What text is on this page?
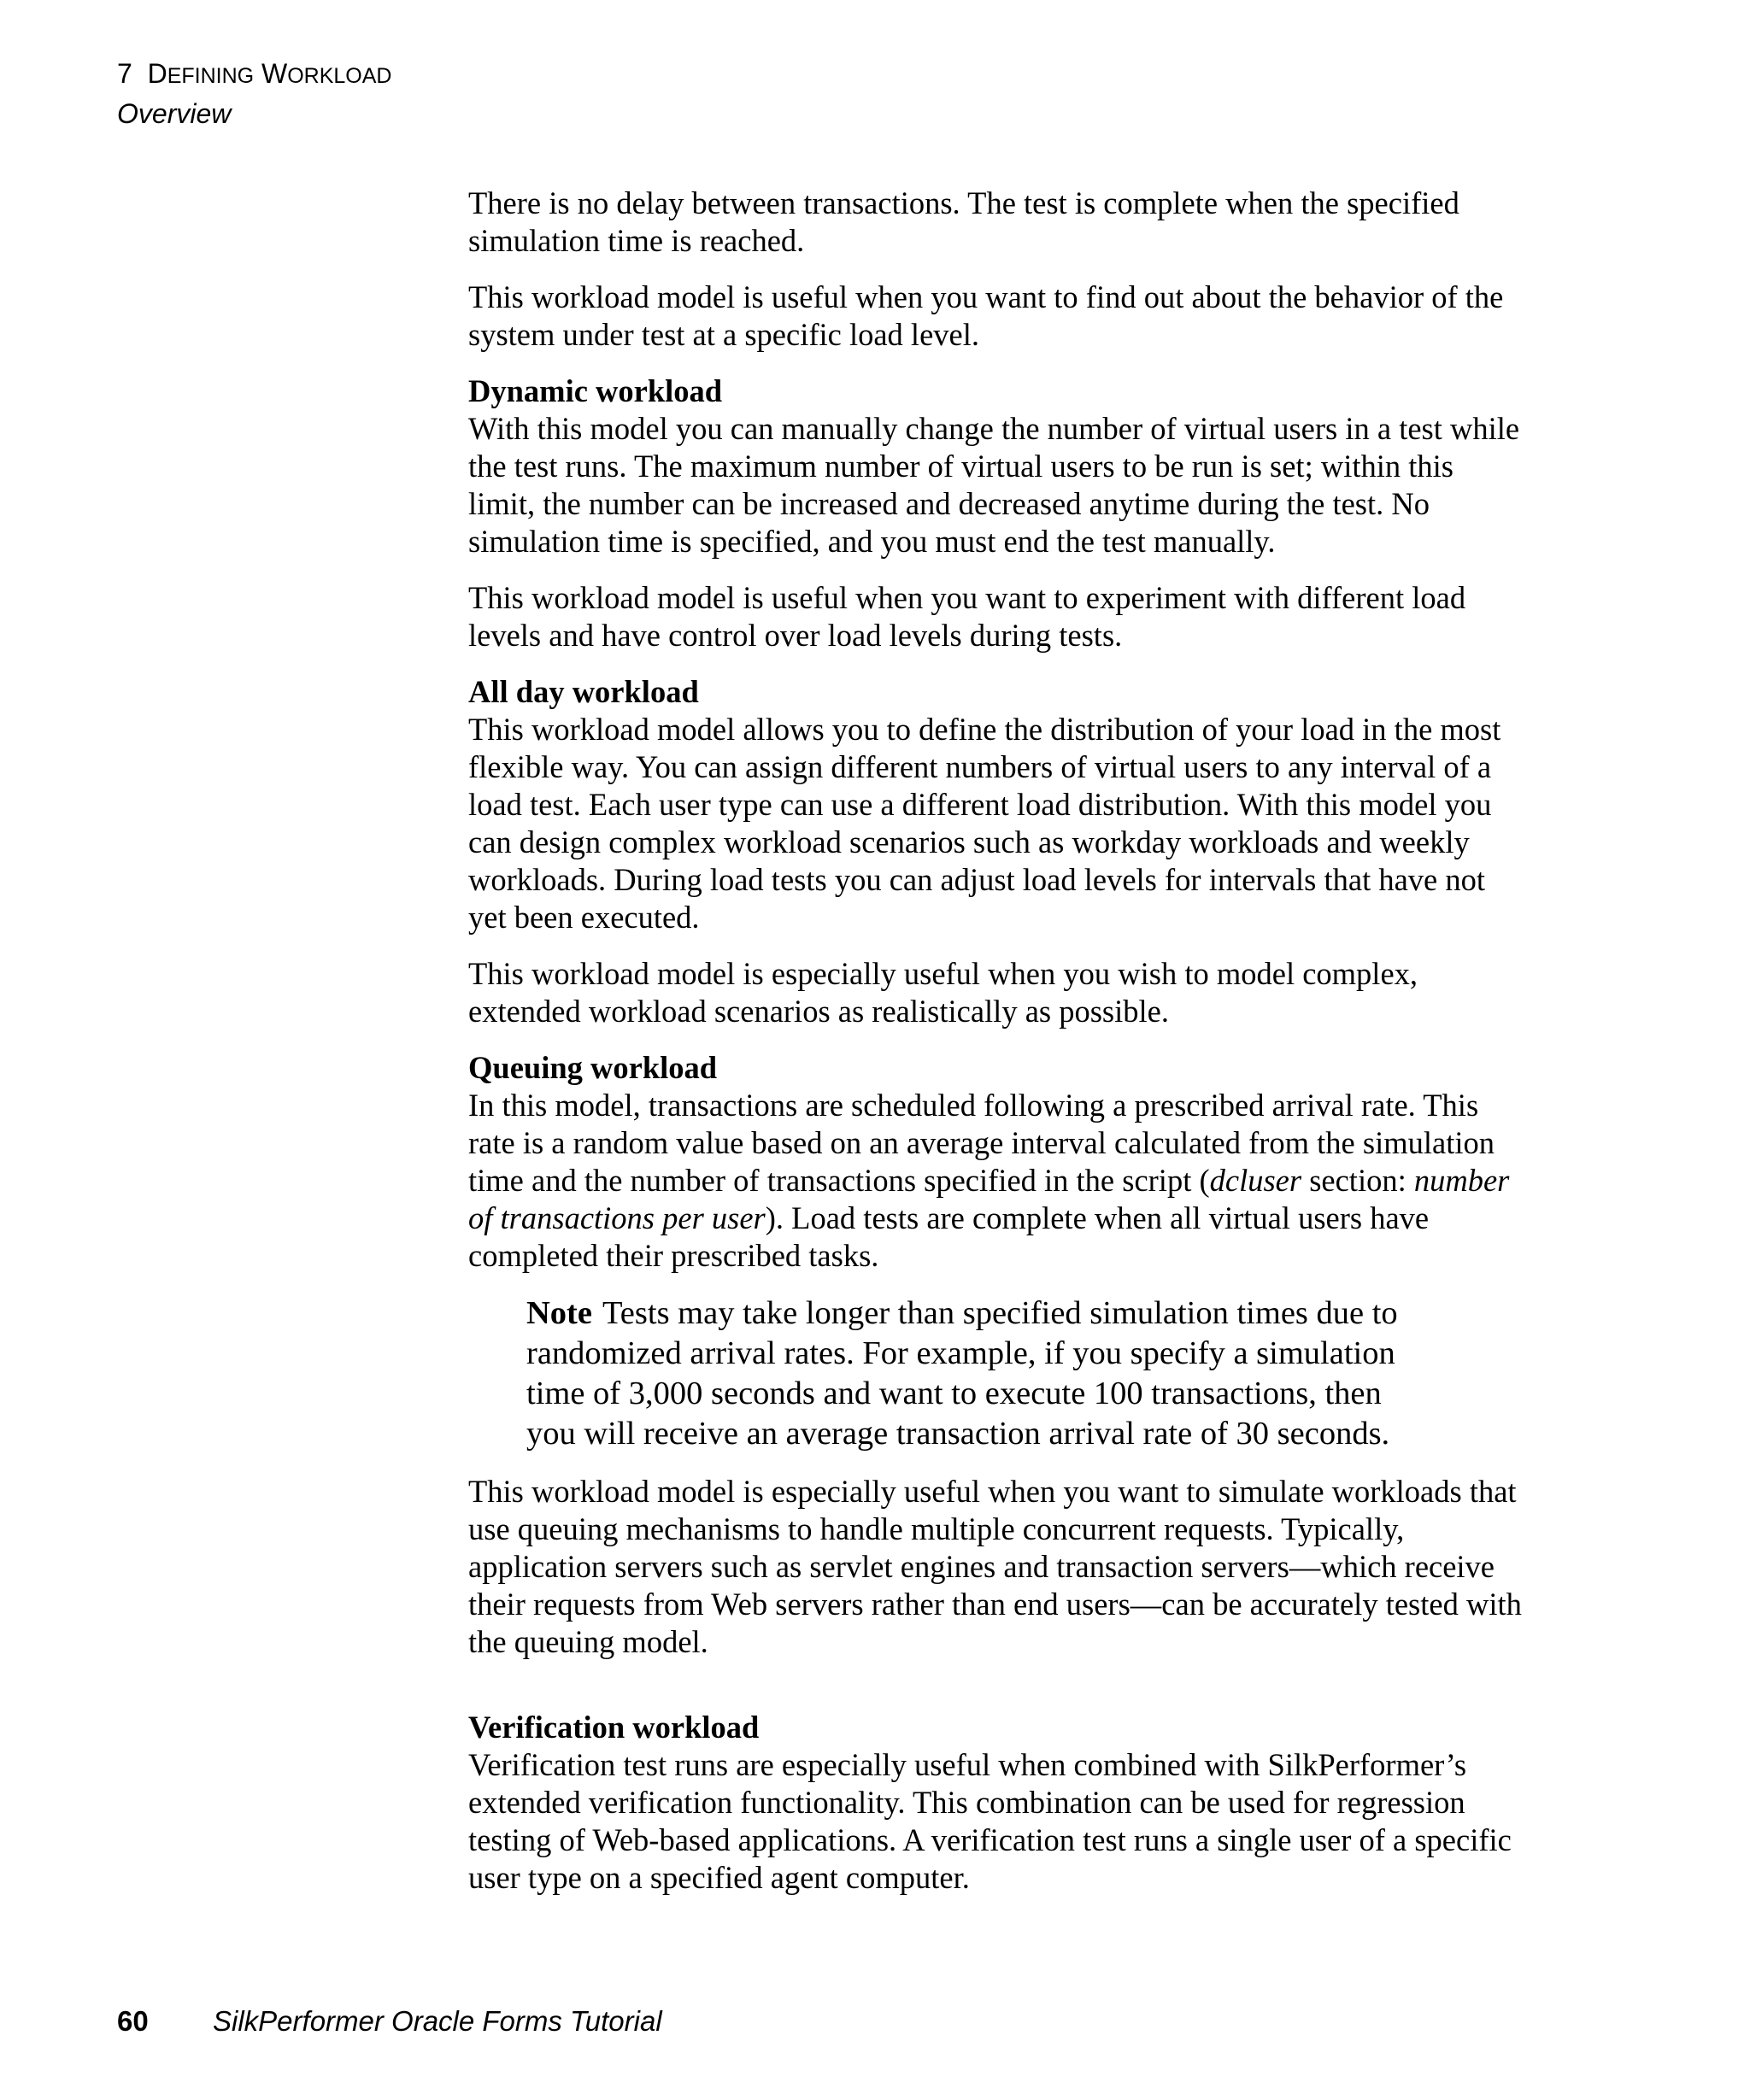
7 DEFINING WORKLOAD
Overview

There is no delay between transactions. The test is complete when the specified simulation time is reached.

This workload model is useful when you want to find out about the behavior of the system under test at a specific load level.

Dynamic workload

With this model you can manually change the number of virtual users in a test while the test runs. The maximum number of virtual users to be run is set; within this limit, the number can be increased and decreased anytime during the test. No simulation time is specified, and you must end the test manually.

This workload model is useful when you want to experiment with different load levels and have control over load levels during tests.

All day workload

This workload model allows you to define the distribution of your load in the most flexible way. You can assign different numbers of virtual users to any interval of a load test. Each user type can use a different load distribution. With this model you can design complex workload scenarios such as workday workloads and weekly workloads. During load tests you can adjust load levels for intervals that have not yet been executed.

This workload model is especially useful when you wish to model complex, extended workload scenarios as realistically as possible.

Queuing workload

In this model, transactions are scheduled following a prescribed arrival rate. This rate is a random value based on an average interval calculated from the simulation time and the number of transactions specified in the script (dcluser section: number of transactions per user). Load tests are complete when all virtual users have completed their prescribed tasks.

Note Tests may take longer than specified simulation times due to randomized arrival rates. For example, if you specify a simulation time of 3,000 seconds and want to execute 100 transactions, then you will receive an average transaction arrival rate of 30 seconds.

This workload model is especially useful when you want to simulate workloads that use queuing mechanisms to handle multiple concurrent requests. Typically, application servers such as servlet engines and transaction servers—which receive their requests from Web servers rather than end users—can be accurately tested with the queuing model.

Verification workload

Verification test runs are especially useful when combined with SilkPerformer’s extended verification functionality. This combination can be used for regression testing of Web-based applications. A verification test runs a single user of a specific user type on a specified agent computer.

60 SilkPerformer Oracle Forms Tutorial
